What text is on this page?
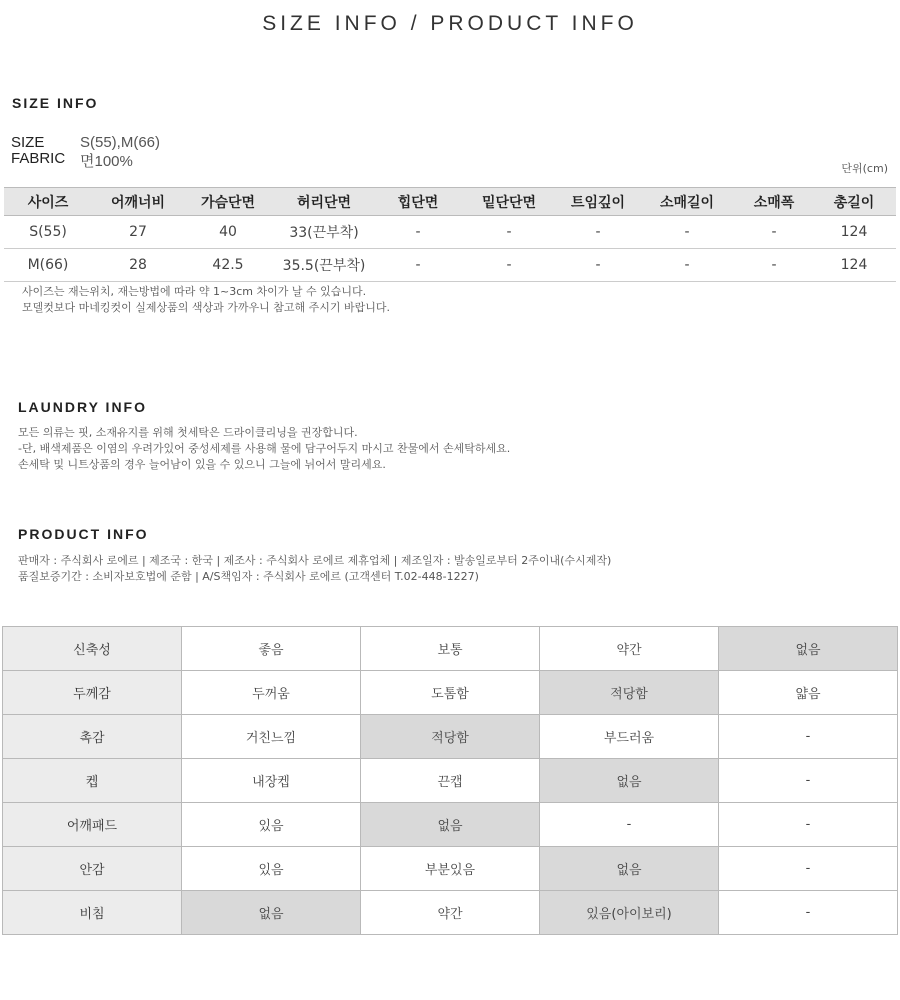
SIZE INFO / PRODUCT INFO
SIZE INFO
SIZE S(55),M(66)
FABRIC 면100%	단위(cm)
사이즈	어깨너비	가슴단면	허리단면	힙단면	밑단단면	트임깊이	소매길이	소매폭	총길이
S(55)	27	40	33(끈부착)	-	-	-	-	-	124
M(66)	28	42.5	35.5(끈부착)	-	-	-	-	-	124
사이즈는 재는위치, 재는방법에 따라 약 1~3cm 차이가 날 수 있습니다.
모델컷보다 마네킹컷이 실제상품의 색상과 가까우니 참고해 주시기 바랍니다.
LAUNDRY INFO
모든 의류는 핏, 소재유지를 위해 첫세탁은 드라이클리닝을 권장합니다.
-단, 배색제품은 이염의 우려가있어 중성세제를 사용해 물에 담구어두지 마시고 찬물에서 손세탁하세요.
손세탁 및 니트상품의 경우 늘어남이 있을 수 있으니 그늘에 뉘어서 말리세요.
PRODUCT INFO
판매자 : 주식회사 로에르 | 제조국 : 한국 | 제조사 : 주식회사 로에르 제휴업체 | 제조일자 : 발송일로부터 2주이내(수시제작)
품질보증기간 : 소비자보호법에 준함 | A/S책임자 : 주식회사 로에르 (고객센터 T.02-448-1227)
신축성	좋음	보통	약간	없음
두께감	두꺼움	도톰함	적당함	얇음
촉감	거친느낌	적당함	부드러움	-
켑	내장켑	끈캡	없음	-
어깨패드	있음	없음	-	-
안감	있음	부분있음	없음	-
비침	없음	약간	있음(아이보리)	-
